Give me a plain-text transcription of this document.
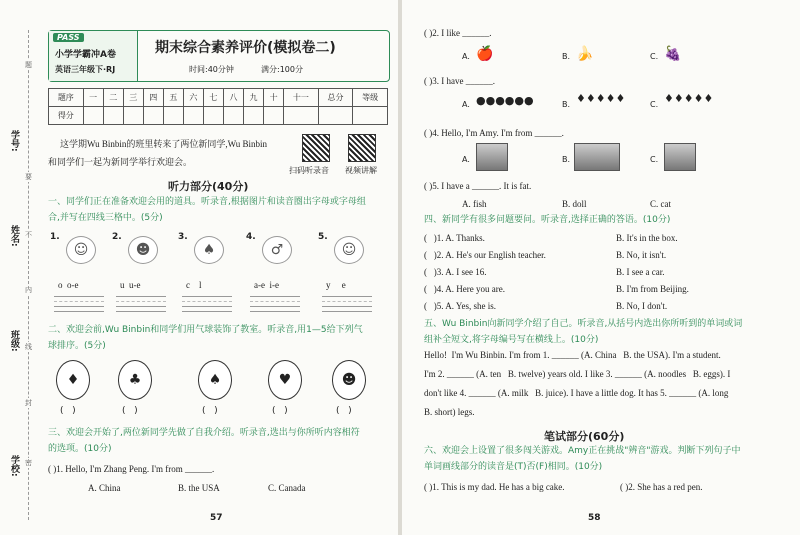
学号:
姓名:
班级:
学校:
题
要
不
内
线
封
密
PASS
小学学霸冲A卷
英语三年级下·RJ
期末综合素养评价(模拟卷二)
时间:40分钟	满分:100分
题序	一	二	三	四	五	六	七	八	九	十	十一	总分	等级
得分													
这学期Wu Binbin的班里转来了两位新同学,Wu Binbin
和同学们一起为新同学举行欢迎会。
扫码听录音 视频讲解
听力部分(40分)
一、同学们正在准备欢迎会用的道具。听录音,根据图片和读音圈出字母或字母组
合,并写在四线三格中。(5分)
1.
☺
o  o-e
2.
☻
u  u-e
3.
♠
c    l
4.
♂
a-e  i-e
5.
☺
y     e
二、欢迎会前,Wu Binbin和同学们用气球装饰了教室。听录音,用1—5给下列气
球排序。(5分)
♦
(   )
♣
(   )
♠
(   )
♥
(   )
☻
(   )
三、欢迎会开始了,两位新同学先做了自我介绍。听录音,选出与你所听内容相符
的选项。(10分)
( )1. Hello, I'm Zhang Peng. I'm from ______.
A. China	B. the USA	C. Canada
57
( )2. I like ______.
A. 🍎	B. 🍌	C. 🍇
( )3. I have ______.
A. ●●●●●●	B. ♦♦♦♦♦	C. ♦♦♦♦♦
( )4. Hello, I'm Amy. I'm from ______.
A.	B.	C.
( )5. I have a ______. It is fat.
A. fish	B. doll	C. cat
四、新同学有很多问题要问。听录音,选择正确的答语。(10分)
(   )1. A. Thanks.	B. It's in the box.
(   )2. A. He's our English teacher.	B. No, it isn't.
(   )3. A. I see 16.	B. I see a car.
(   )4. A. Here you are.	B. I'm from Beijing.
(   )5. A. Yes, she is.	B. No, I don't.
五、Wu Binbin向新同学介绍了自己。听录音,从括号内选出你所听到的单词或词
组补全短文,将字母编号写在横线上。(10分)
Hello!  I'm Wu Binbin. I'm from 1. ______ (A. China   B. the USA). I'm a student.
I'm 2. ______ (A. ten   B. twelve) years old. I like 3. ______ (A. noodles   B. eggs). I
don't like 4. ______ (A. milk   B. juice). I have a little dog. It has 5. ______ (A. long
B. short) legs.
笔试部分(60分)
六、欢迎会上设置了很多闯关游戏。Amy正在挑战"辨音"游戏。判断下列句子中
单词画线部分的读音是(T)否(F)相同。(10分)
( )1. This is my dad. He has a big cake.	( )2. She has a red pen.
58
